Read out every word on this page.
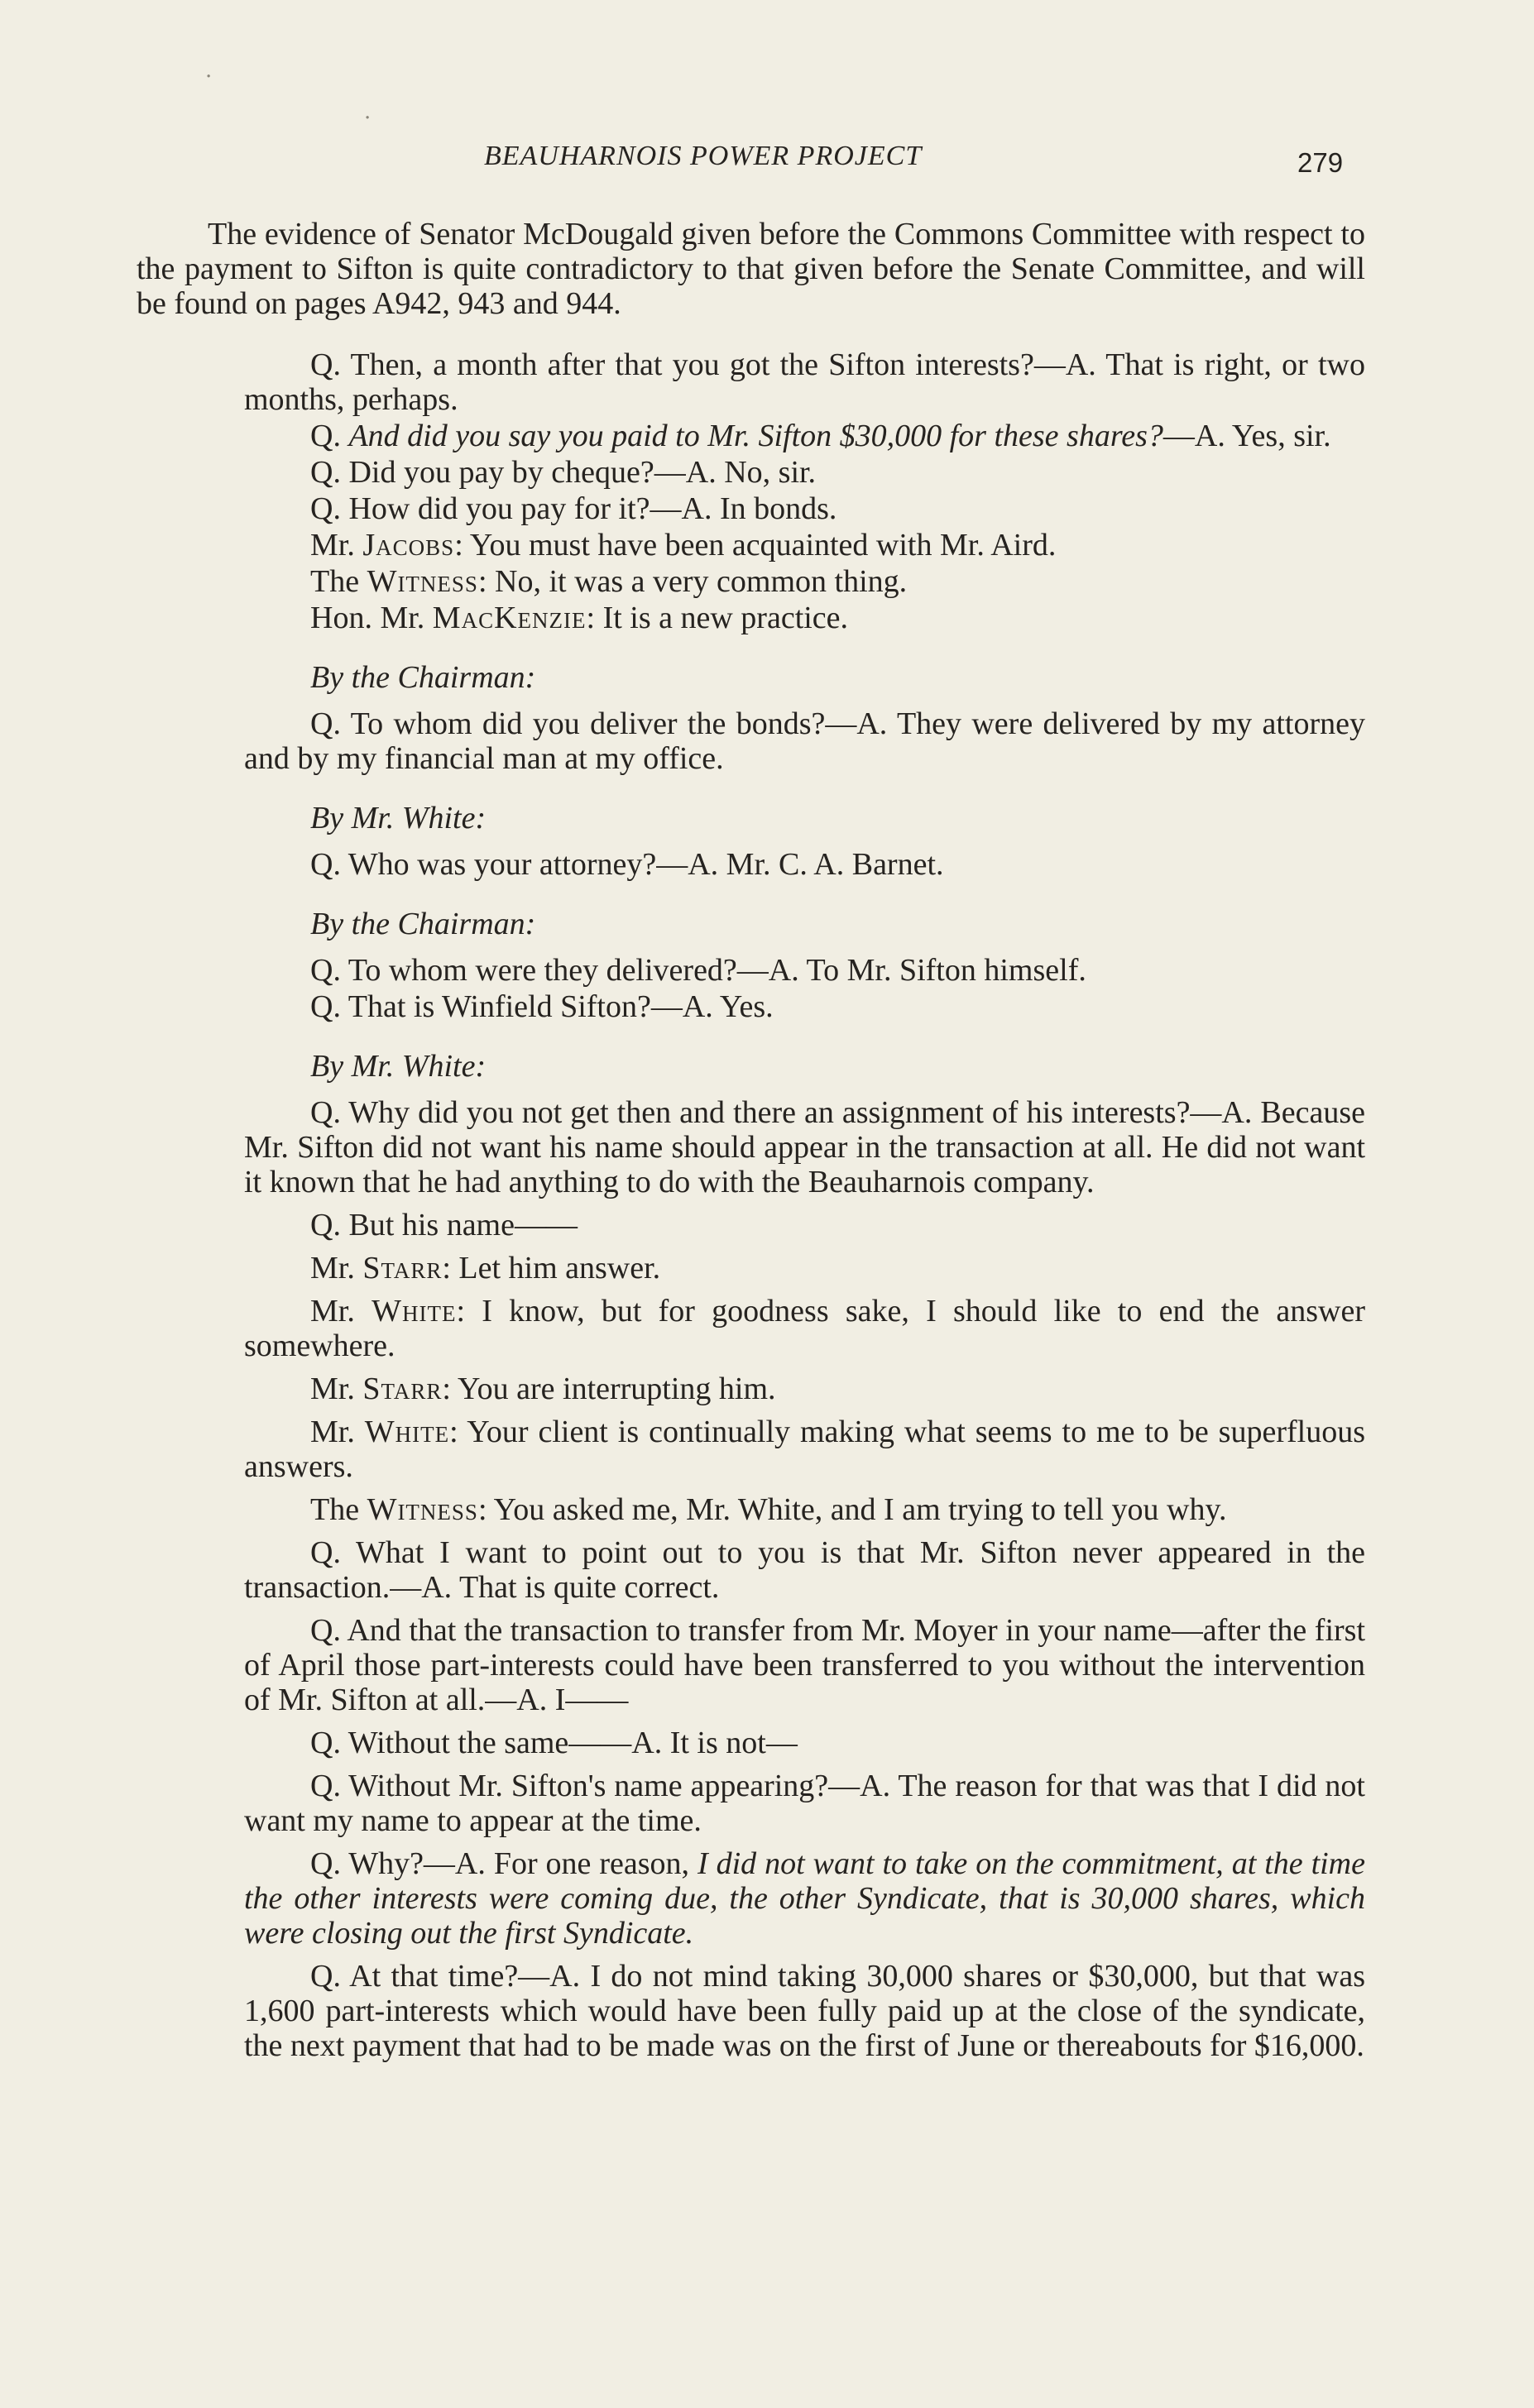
BEAUHARNOIS POWER PROJECT	279

The evidence of Senator McDougald given before the Commons Committee with respect to the payment to Sifton is quite contradictory to that given before the Senate Committee, and will be found on pages A942, 943 and 944.

Q. Then, a month after that you got the Sifton interests?—A. That is right, or two months, perhaps.

Q. And did you say you paid to Mr. Sifton $30,000 for these shares?—A. Yes, sir.

Q. Did you pay by cheque?—A. No, sir.

Q. How did you pay for it?—A. In bonds.

Mr. Jacobs: You must have been acquainted with Mr. Aird.

The Witness: No, it was a very common thing.

Hon. Mr. MacKenzie: It is a new practice.

By the Chairman:

Q. To whom did you deliver the bonds?—A. They were delivered by my attorney and by my financial man at my office.

By Mr. White:

Q. Who was your attorney?—A. Mr. C. A. Barnet.

By the Chairman:

Q. To whom were they delivered?—A. To Mr. Sifton himself.

Q. That is Winfield Sifton?—A. Yes.

By Mr. White:

Q. Why did you not get then and there an assignment of his interests?—A. Because Mr. Sifton did not want his name should appear in the transaction at all. He did not want it known that he had anything to do with the Beauharnois company.

Q. But his name——

Mr. Starr: Let him answer.

Mr. White: I know, but for goodness sake, I should like to end the answer somewhere.

Mr. Starr: You are interrupting him.

Mr. White: Your client is continually making what seems to me to be superfluous answers.

The Witness: You asked me, Mr. White, and I am trying to tell you why.

Q. What I want to point out to you is that Mr. Sifton never appeared in the transaction.—A. That is quite correct.

Q. And that the transaction to transfer from Mr. Moyer in your name—after the first of April those part-interests could have been transferred to you without the intervention of Mr. Sifton at all.—A. I——

Q. Without the same——A. It is not—

Q. Without Mr. Sifton's name appearing?—A. The reason for that was that I did not want my name to appear at the time.

Q. Why?—A. For one reason, I did not want to take on the commitment, at the time the other interests were coming due, the other Syndicate, that is 30,000 shares, which were closing out the first Syndicate.

Q. At that time?—A. I do not mind taking 30,000 shares or $30,000, but that was 1,600 part-interests which would have been fully paid up at the close of the syndicate, the next payment that had to be made was on the first of June or thereabouts for $16,000.

·
·
